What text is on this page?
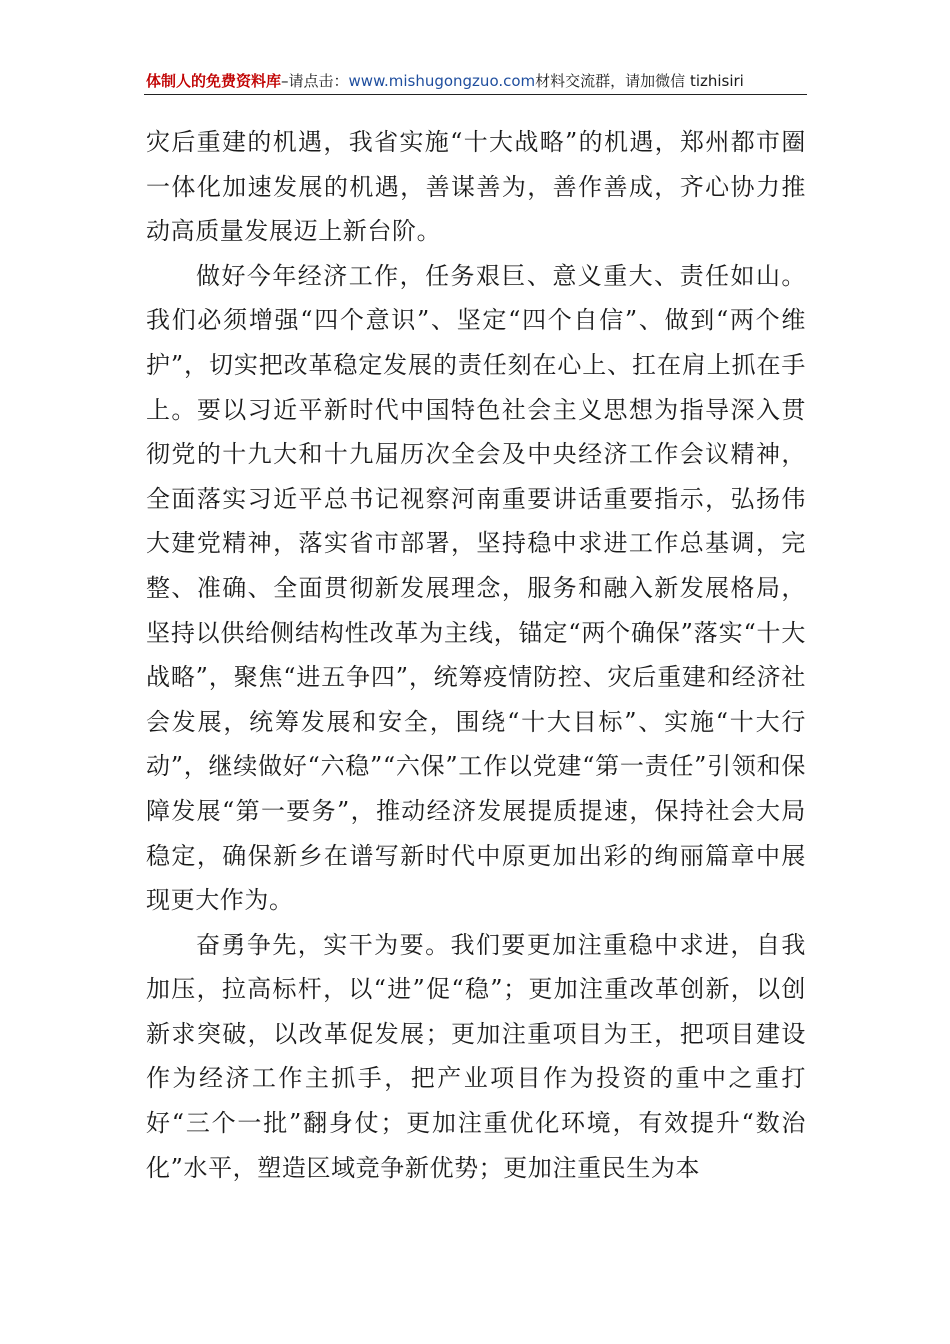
体制人的免费资料库 –请点击： www.mishugongzuo.com 材料交流群，请加微信 tizhisiri

灾后重建的机遇，我省实施“十大战略”的机遇，郑州都市圈一体化加速发展的机遇，善谋善为，善作善成，齐心协力推动高质量发展迈上新台阶。

做好今年经济工作，任务艰巨、意义重大、责任如山。我们必须增强“四个意识”、坚定“四个自信”、做到“两个维护”，切实把改革稳定发展的责任刻在心上、扛在肩上抓在手上。要以习近平新时代中国特色社会主义思想为指导深入贯彻党的十九大和十九届历次全会及中央经济工作会议精神，全面落实习近平总书记视察河南重要讲话重要指示，弘扬伟大建党精神，落实省市部署，坚持稳中求进工作总基调，完整、准确、全面贯彻新发展理念，服务和融入新发展格局，坚持以供给侧结构性改革为主线，锚定“两个确保”落实“十大战略”，聚焦“进五争四”，统筹疫情防控、灾后重建和经济社会发展，统筹发展和安全，围绕“十大目标”、实施“十大行动”，继续做好“六稳”“六保”工作以党建“第一责任”引领和保障发展“第一要务”，推动经济发展提质提速，保持社会大局稳定，确保新乡在谱写新时代中原更加出彩的绚丽篇章中展现更大作为。

奋勇争先，实干为要。我们要更加注重稳中求进，自我加压，拉高标杆，以“进”促“稳”；更加注重改革创新，以创新求突破，以改革促发展；更加注重项目为王，把项目建设作为经济工作主抓手，把产业项目作为投资的重中之重打好“三个一批”翻身仗；更加注重优化环境，有效提升“数治化”水平，塑造区域竞争新优势；更加注重民生为本
